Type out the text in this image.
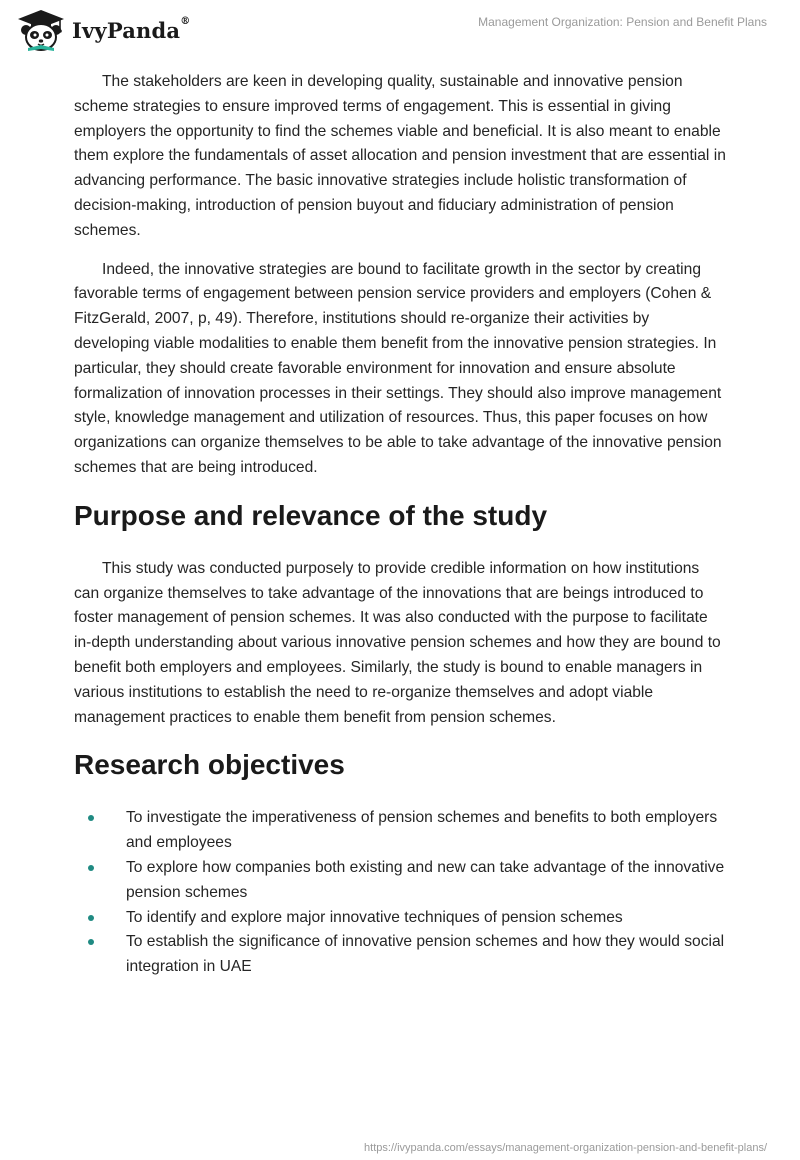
IvyPanda®	Management Organization: Pension and Benefit Plans

The stakeholders are keen in developing quality, sustainable and innovative pension scheme strategies to ensure improved terms of engagement. This is essential in giving employers the opportunity to find the schemes viable and beneficial. It is also meant to enable them explore the fundamentals of asset allocation and pension investment that are essential in advancing performance. The basic innovative strategies include holistic transformation of decision-making, introduction of pension buyout and fiduciary administration of pension schemes.

Indeed, the innovative strategies are bound to facilitate growth in the sector by creating favorable terms of engagement between pension service providers and employers (Cohen & FitzGerald, 2007, p, 49). Therefore, institutions should re-organize their activities by developing viable modalities to enable them benefit from the innovative pension strategies. In particular, they should create favorable environment for innovation and ensure absolute formalization of innovation processes in their settings. They should also improve management style, knowledge management and utilization of resources. Thus, this paper focuses on how organizations can organize themselves to be able to take advantage of the innovative pension schemes that are being introduced.

Purpose and relevance of the study

This study was conducted purposely to provide credible information on how institutions can organize themselves to take advantage of the innovations that are beings introduced to foster management of pension schemes. It was also conducted with the purpose to facilitate in-depth understanding about various innovative pension schemes and how they are bound to benefit both employers and employees. Similarly, the study is bound to enable managers in various institutions to establish the need to re-organize themselves and adopt viable management practices to enable them benefit from pension schemes.

Research objectives
To investigate the imperativeness of pension schemes and benefits to both employers and employees
To explore how companies both existing and new can take advantage of the innovative pension schemes
To identify and explore major innovative techniques of pension schemes
To establish the significance of innovative pension schemes and how they would social integration in UAE
https://ivypanda.com/essays/management-organization-pension-and-benefit-plans/
